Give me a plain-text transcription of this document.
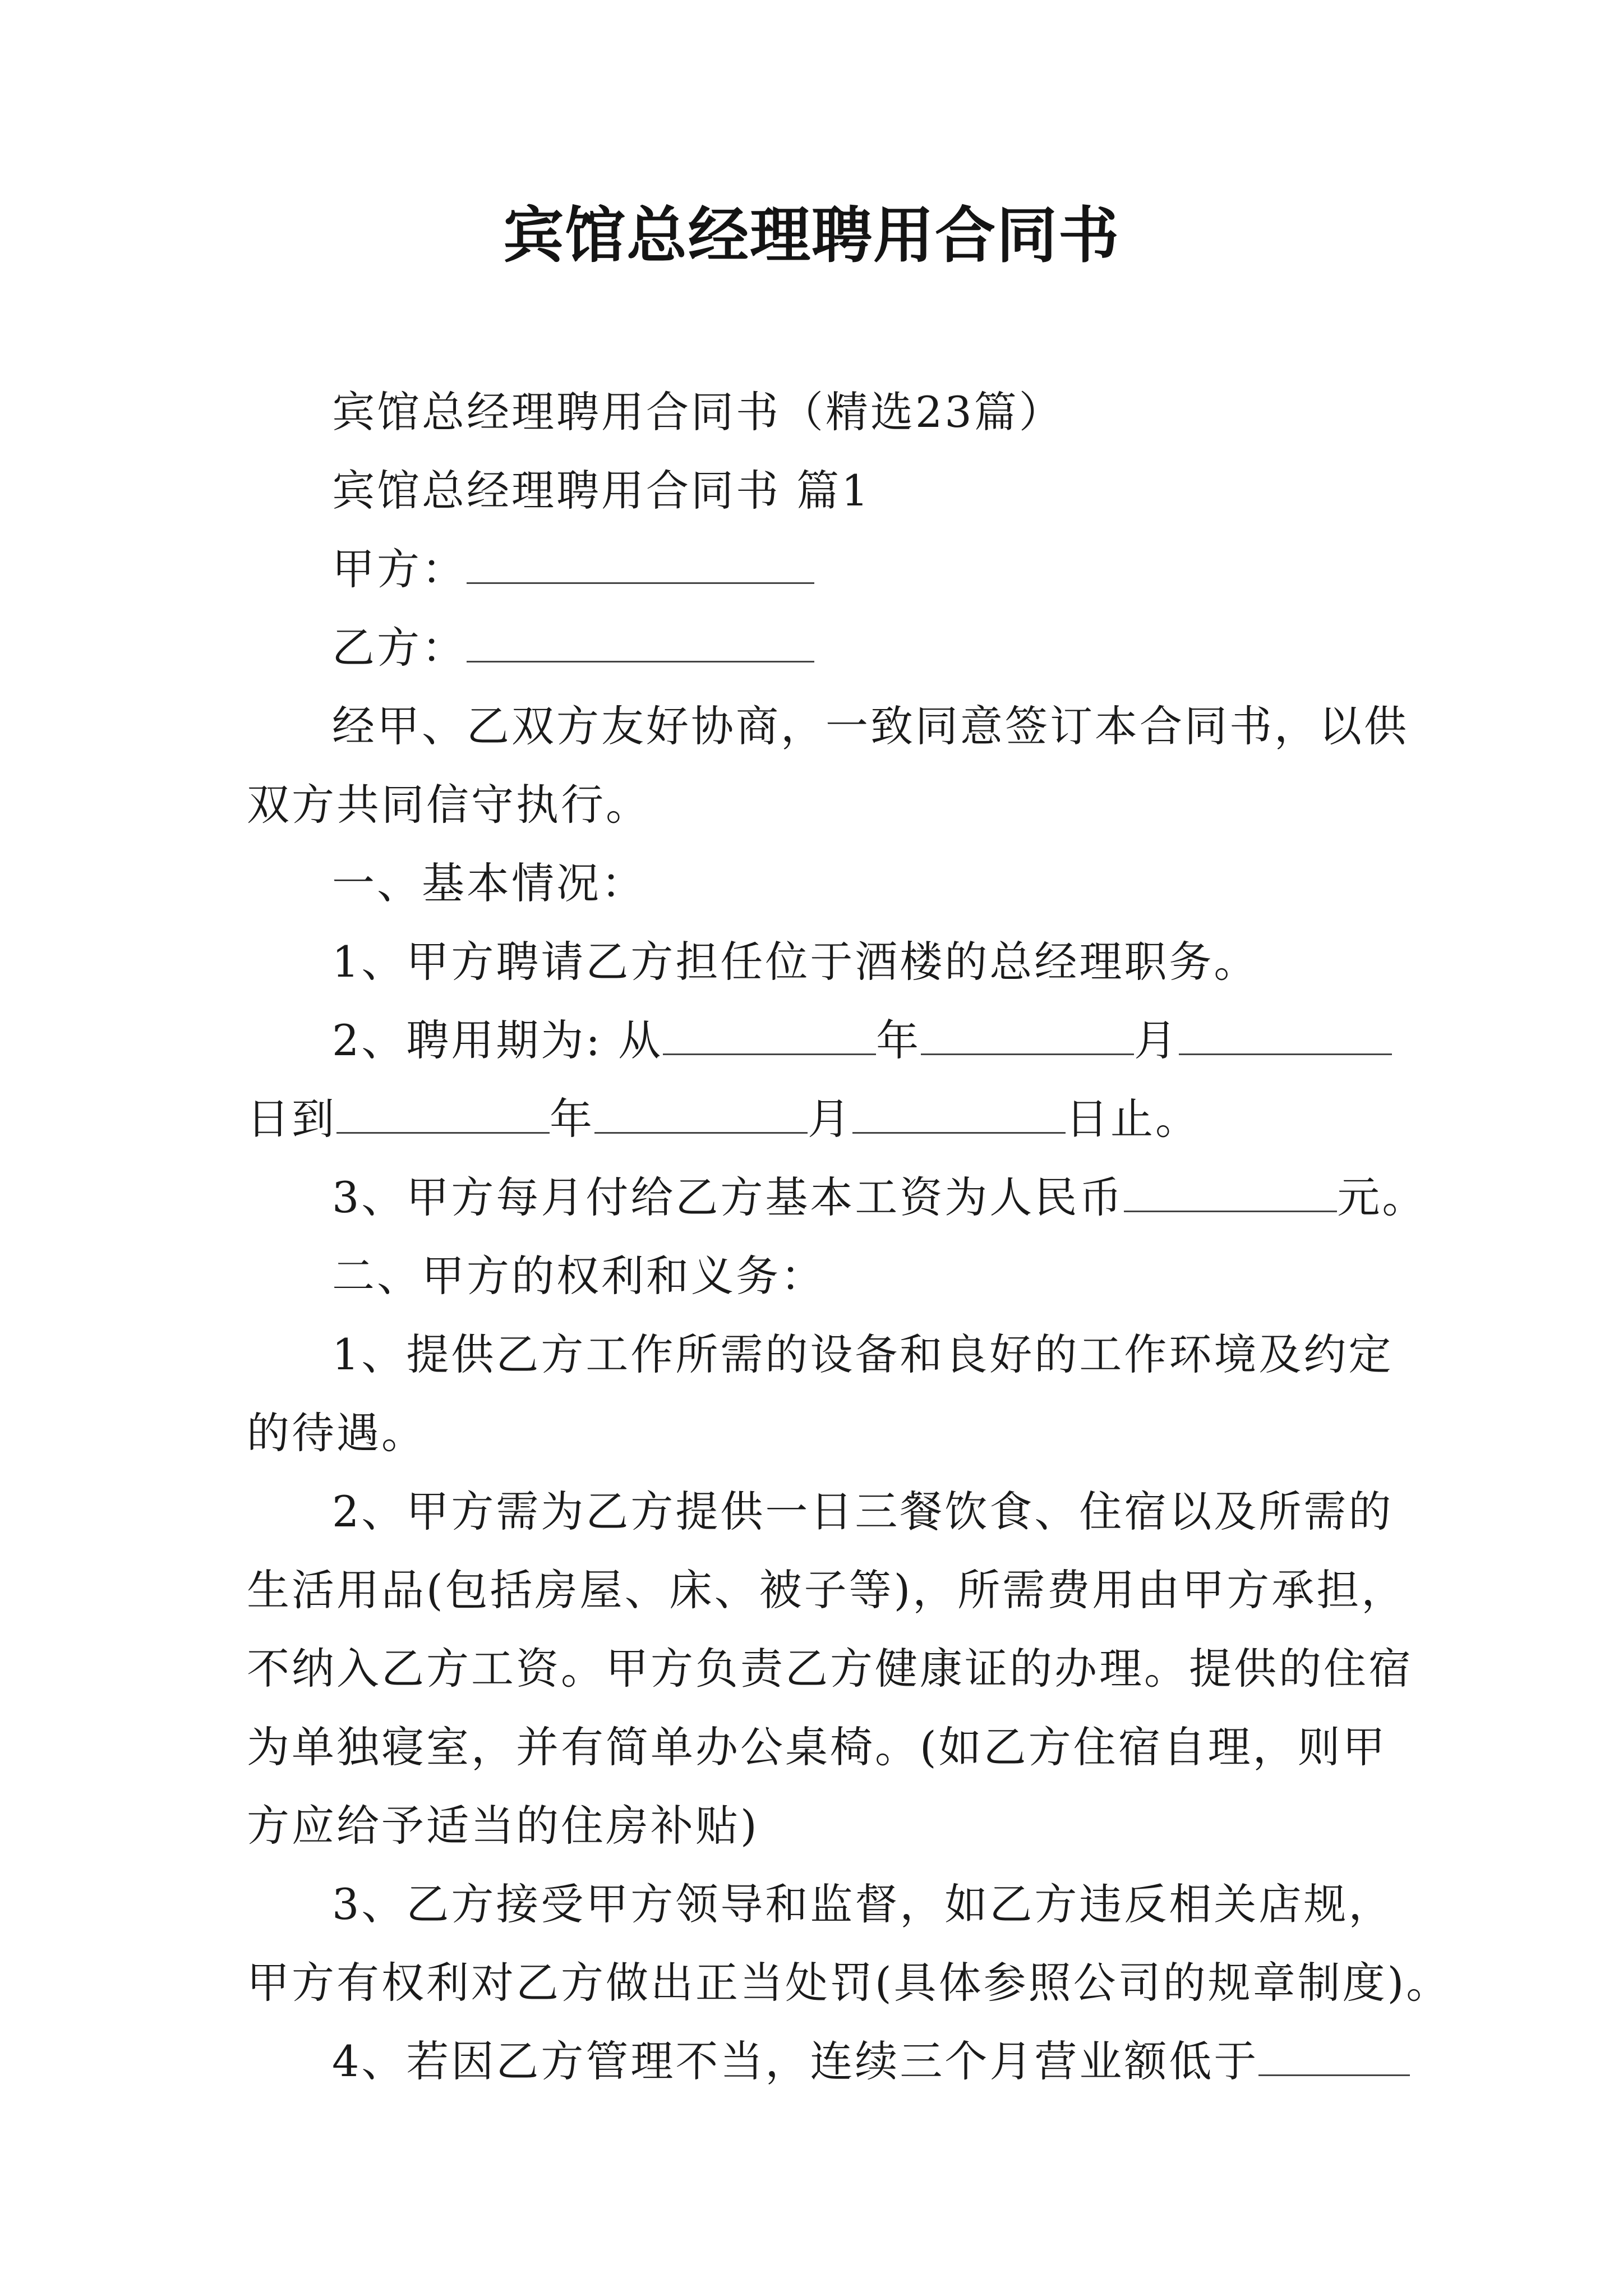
宾馆总经理聘用合同书

宾馆总经理聘用合同书（精选23篇）

宾馆总经理聘用合同书 篇1

甲方：

乙方：

经甲、乙双方友好协商，一致同意签订本合同书，以供

双方共同信守执行。

一、基本情况：

1、甲方聘请乙方担任位于酒楼的总经理职务。

2、聘用期为: 从	年	月

日到	年	月	日止。

3、甲方每月付给乙方基本工资为人民币	元。

二、甲方的权利和义务：

1、提供乙方工作所需的设备和良好的工作环境及约定

的待遇。

2、甲方需为乙方提供一日三餐饮食、住宿以及所需的

生活用品(包括房屋、床、被子等)，所需费用由甲方承担，

不纳入乙方工资。甲方负责乙方健康证的办理。提供的住宿

为单独寝室，并有简单办公桌椅。(如乙方住宿自理，则甲

方应给予适当的住房补贴)

3、乙方接受甲方领导和监督，如乙方违反相关店规，

甲方有权利对乙方做出正当处罚(具体参照公司的规章制度)。

4、若因乙方管理不当，连续三个月营业额低于
